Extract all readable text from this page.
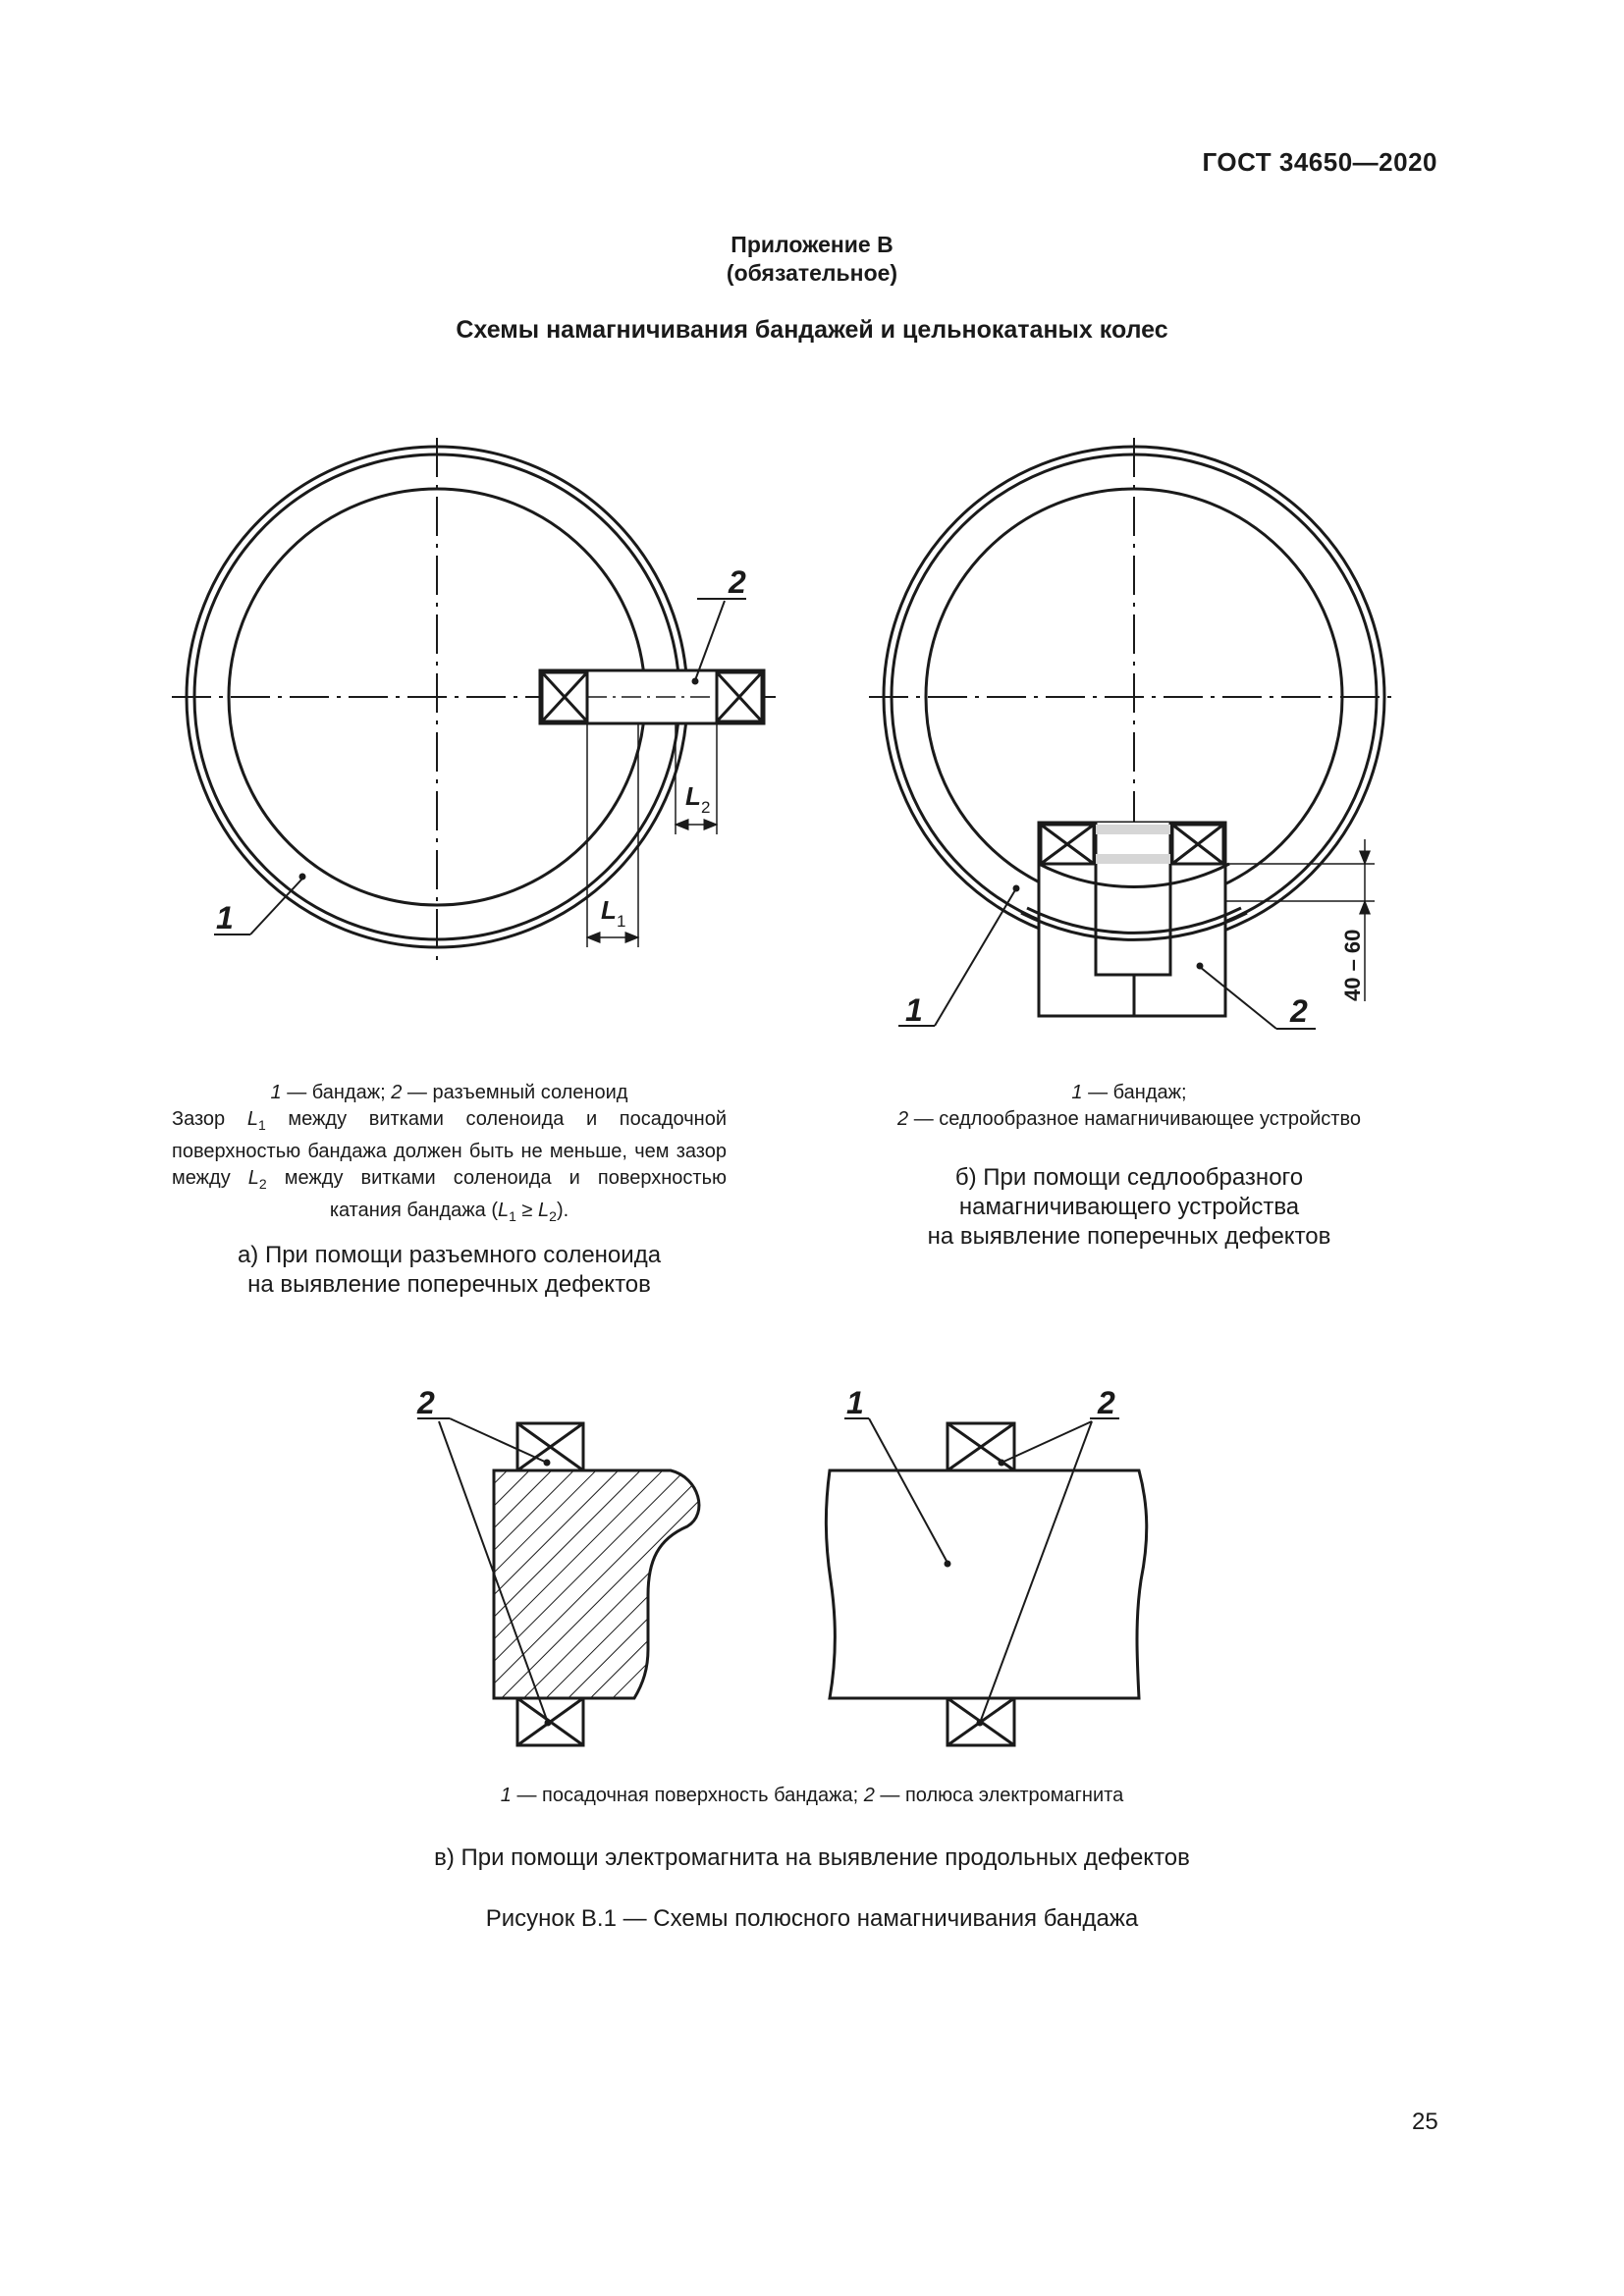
ГОСТ 34650—2020
Приложение В
(обязательное)
Схемы намагничивания бандажей и цельнокатаных колес
1
2
L 1
L 2
1	2
40 – 60
2	1	2
1 — бандаж; 2 — разъемный соленоид
Зазор $L_1$ между витками соленоида и посадочной поверхностью бандажа должен быть не меньше, чем зазор между $L_2$ между витками соленоида и поверхностью катания бандажа $(L_1 \ge L_2)$.
а) При помощи разъемного соленоида
на выявление поперечных дефектов
1 — бандаж;
2 — седлообразное намагничивающее устройство
б) При помощи седлообразного
намагничивающего устройства
на выявление поперечных дефектов
1 — посадочная поверхность бандажа; 2 — полюса электромагнита
в) При помощи электромагнита на выявление продольных дефектов
Рисунок В.1 — Схемы полюсного намагничивания бандажа
25
